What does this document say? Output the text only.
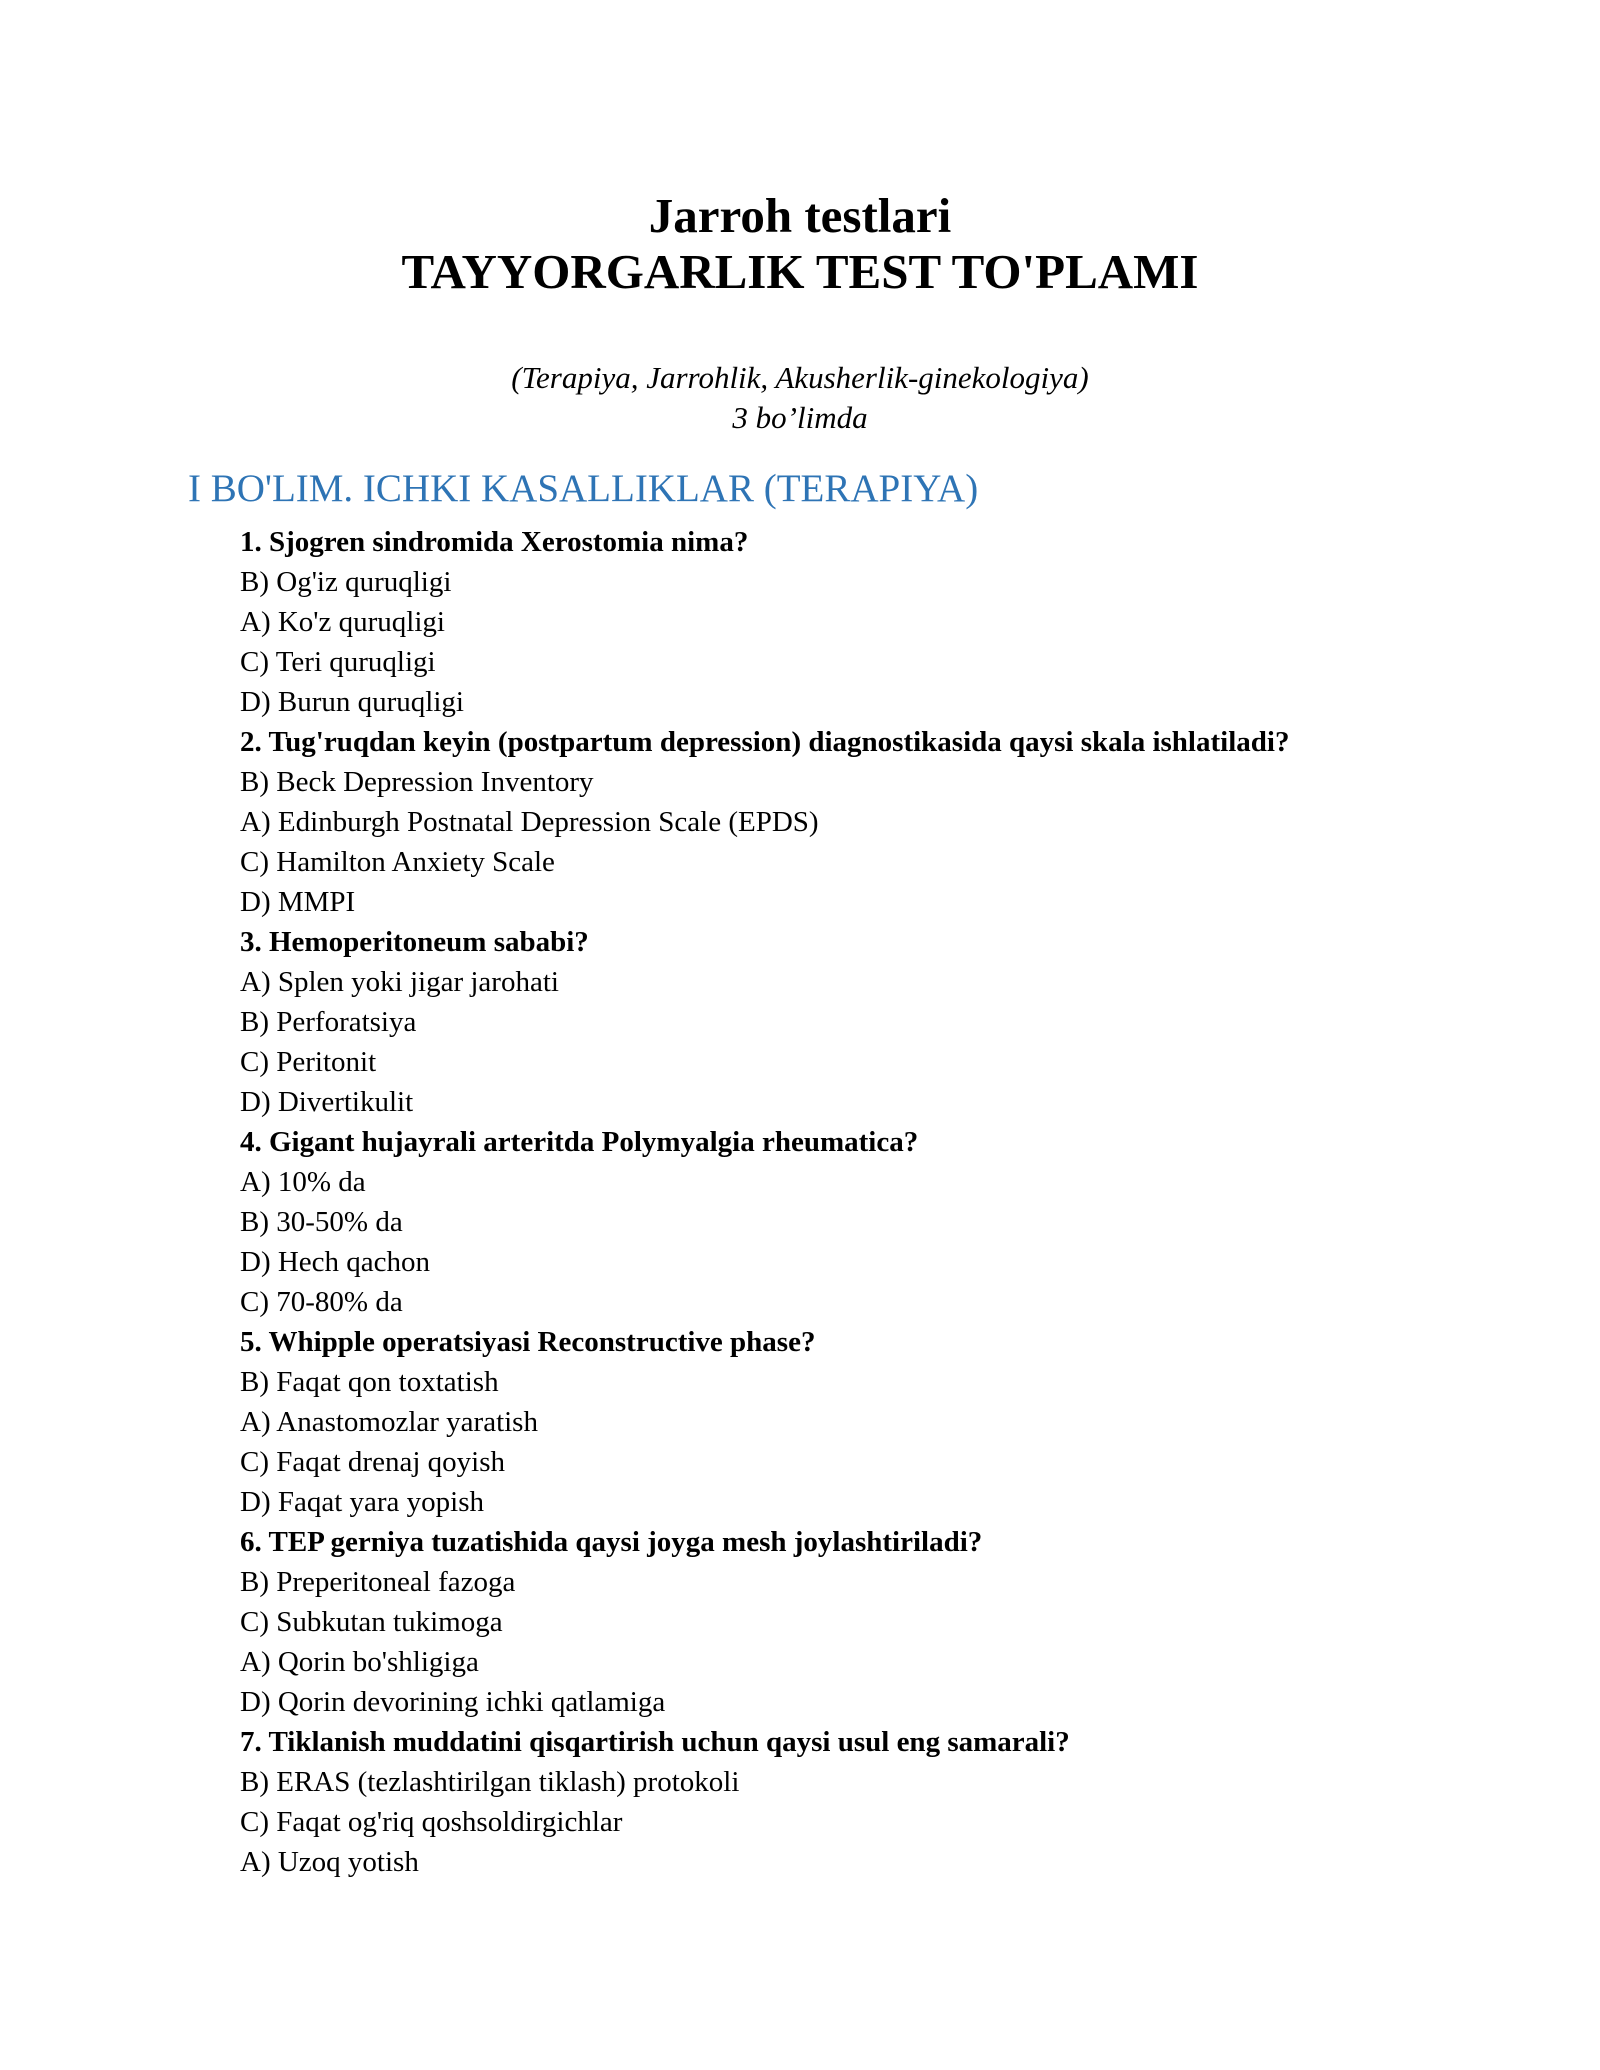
Jarroh testlari
TAYYORGARLIK TEST TO'PLAMI
(Terapiya, Jarrohlik, Akusherlik-ginekologiya)
3 bo’limda
I BO'LIM. ICHKI KASALLIKLAR (TERAPIYA)
1. Sjogren sindromida Xerostomia nima?
B) Og'iz quruqligi
A) Ko'z quruqligi
C) Teri quruqligi
D) Burun quruqligi
2. Tug'ruqdan keyin (postpartum depression) diagnostikasida qaysi skala ishlatiladi?
B) Beck Depression Inventory
A) Edinburgh Postnatal Depression Scale (EPDS)
C) Hamilton Anxiety Scale
D) MMPI
3. Hemoperitoneum sababi?
A) Splen yoki jigar jarohati
B) Perforatsiya
C) Peritonit
D) Divertikulit
4. Gigant hujayrali arteritda Polymyalgia rheumatica?
A) 10% da
B) 30-50% da
D) Hech qachon
C) 70-80% da
5. Whipple operatsiyasi Reconstructive phase?
B) Faqat qon toxtatish
A) Anastomozlar yaratish
C) Faqat drenaj qoyish
D) Faqat yara yopish
6. TEP gerniya tuzatishida qaysi joyga mesh joylashtiriladi?
B) Preperitoneal fazoga
C) Subkutan tukimoga
A) Qorin bo'shligiga
D) Qorin devorining ichki qatlamiga
7. Tiklanish muddatini qisqartirish uchun qaysi usul eng samarali?
B) ERAS (tezlashtirilgan tiklash) protokoli
C) Faqat og'riq qoshsoldirgichlar
A) Uzoq yotish
